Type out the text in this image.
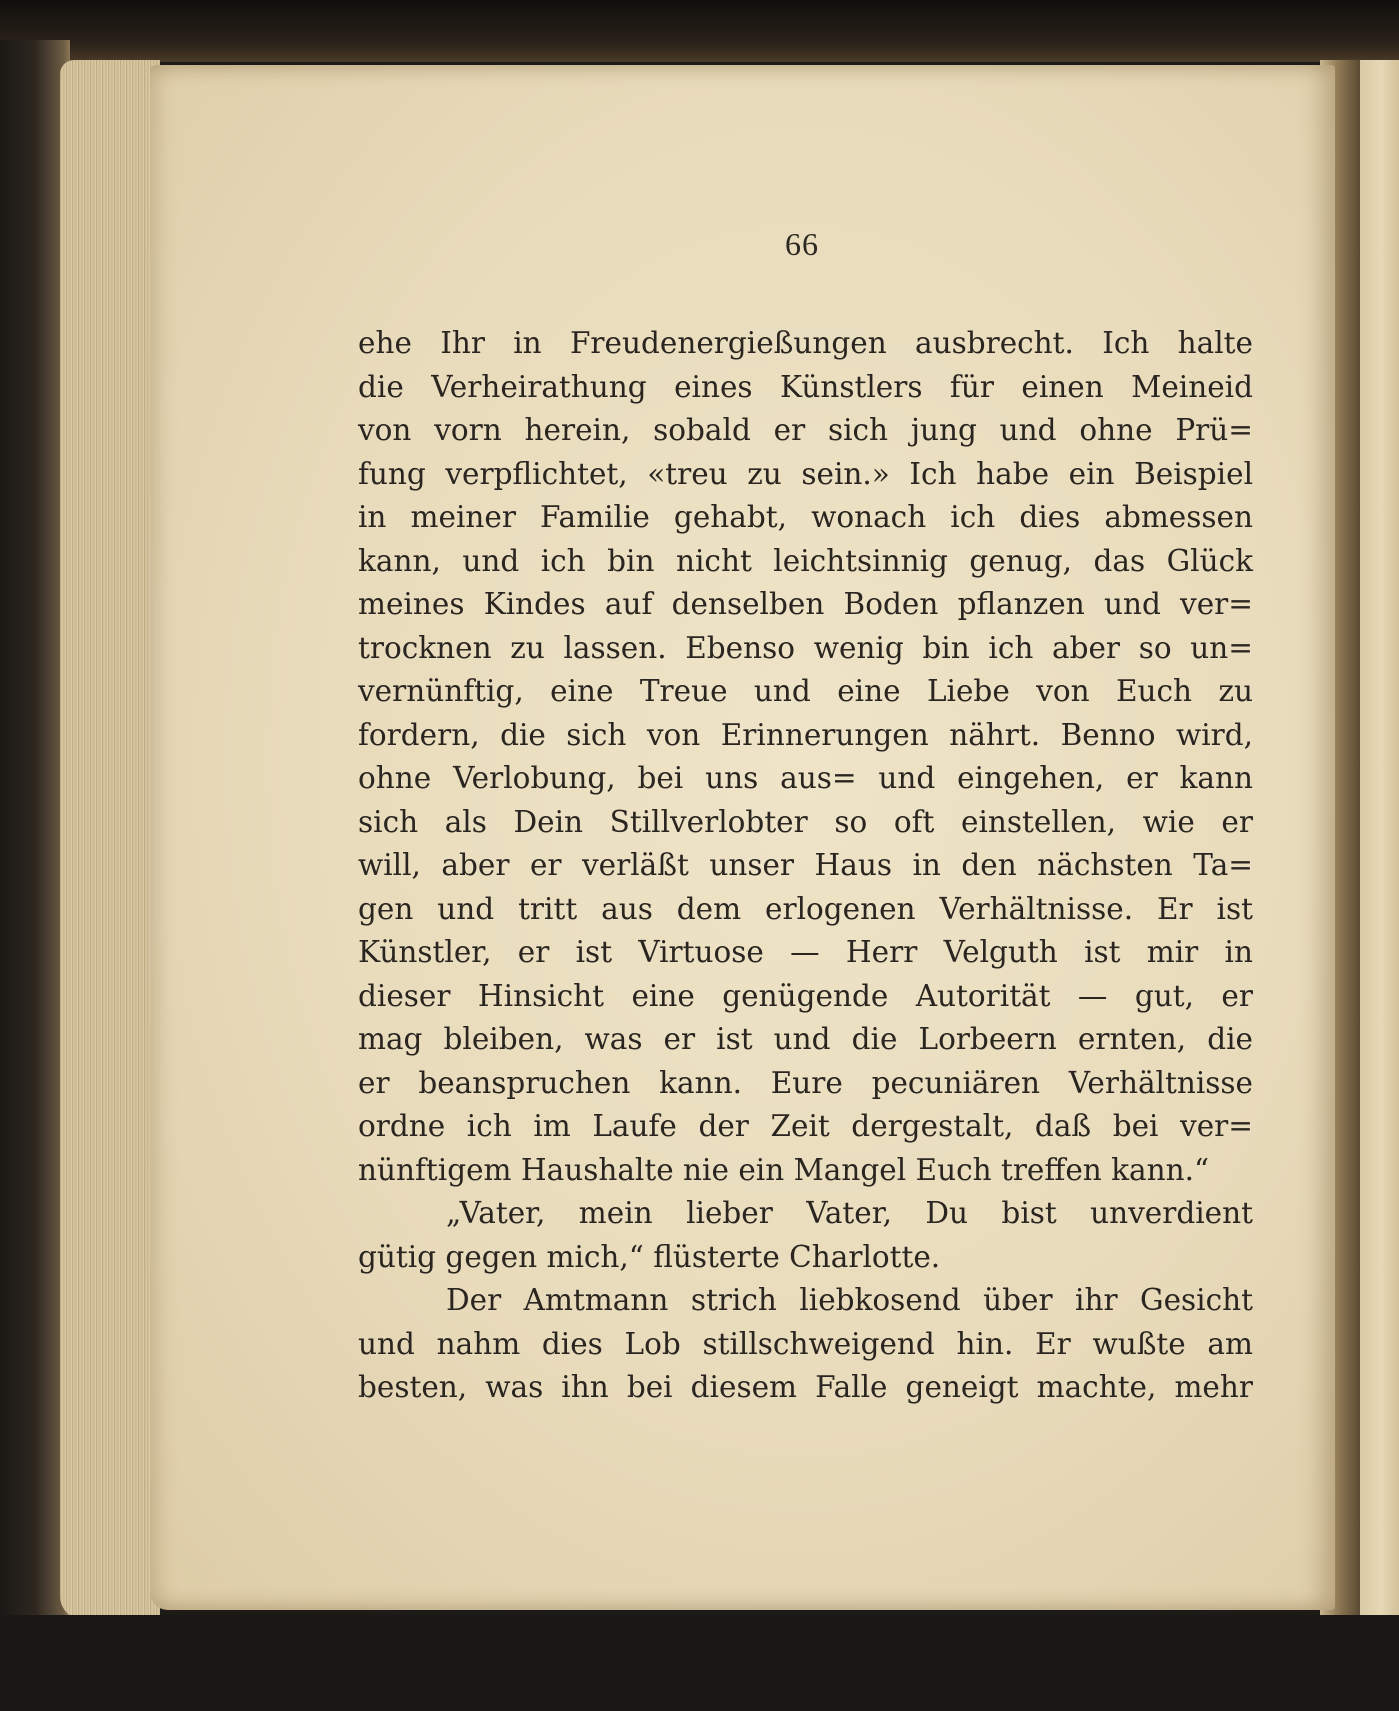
66
ehe Ihr in Freudenergießungen ausbrecht. Ich halte
die Verheirathung eines Künstlers für einen Meineid
von vorn herein, sobald er sich jung und ohne Prü=
fung verpflichtet, «treu zu sein.» Ich habe ein Beispiel
in meiner Familie gehabt, wonach ich dies abmessen
kann, und ich bin nicht leichtsinnig genug, das Glück
meines Kindes auf denselben Boden pflanzen und ver=
trocknen zu lassen. Ebenso wenig bin ich aber so un=
vernünftig, eine Treue und eine Liebe von Euch zu
fordern, die sich von Erinnerungen nährt. Benno wird,
ohne Verlobung, bei uns aus= und eingehen, er kann
sich als Dein Stillverlobter so oft einstellen, wie er
will, aber er verläßt unser Haus in den nächsten Ta=
gen und tritt aus dem erlogenen Verhältnisse. Er ist
Künstler, er ist Virtuose — Herr Velguth ist mir in
dieser Hinsicht eine genügende Autorität — gut, er
mag bleiben, was er ist und die Lorbeern ernten, die
er beanspruchen kann. Eure pecuniären Verhältnisse
ordne ich im Laufe der Zeit dergestalt, daß bei ver=
nünftigem Haushalte nie ein Mangel Euch treffen kann.“
„Vater, mein lieber Vater, Du bist unverdient
gütig gegen mich,“ flüsterte Charlotte.
Der Amtmann strich liebkosend über ihr Gesicht
und nahm dies Lob stillschweigend hin. Er wußte am
besten, was ihn bei diesem Falle geneigt machte, mehr
